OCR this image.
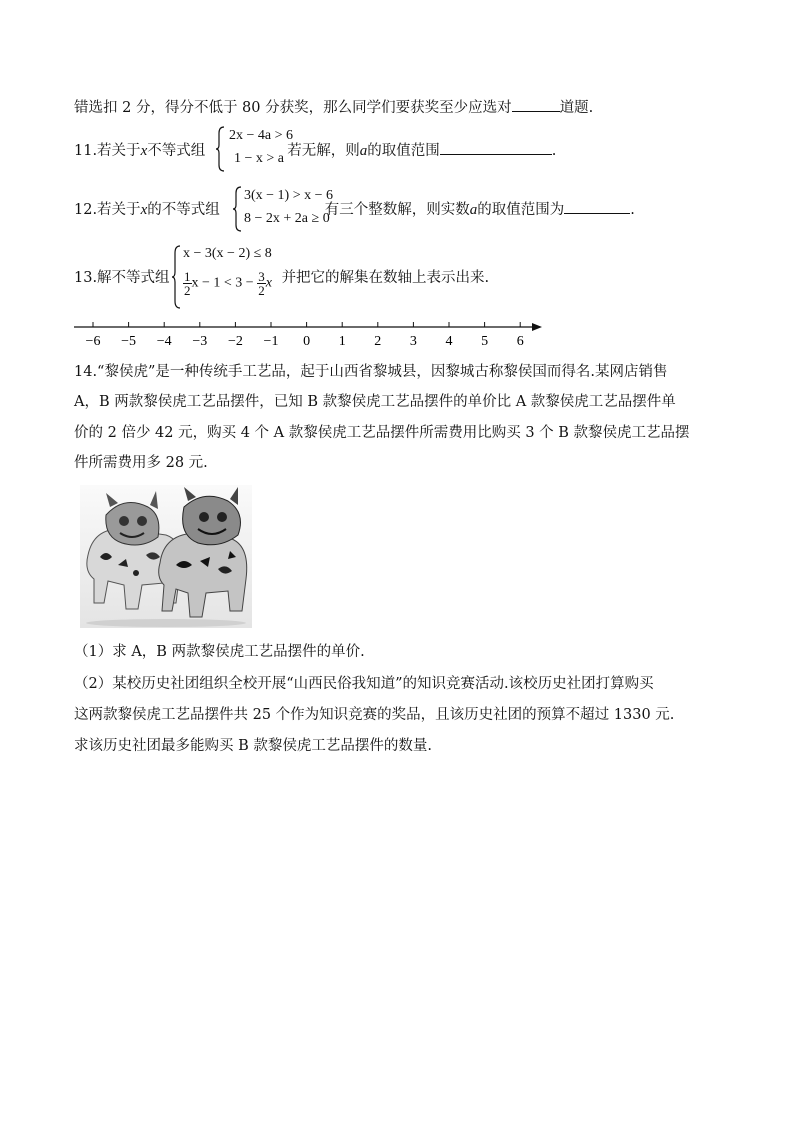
错选扣 2 分，得分不低于 80 分获奖，那么同学们要获奖至少应选对	道题.
11.若关于x不等式组	若无解，则a的取值范围	.
2x − 4a > 6
1 − x > a
12.若关于x的不等式组	有三个整数解，则实数a的取值范围为	.
3(x − 1) > x − 6
8 − 2x + 2a ≥ 0
13.解不等式组	并把它的解集在数轴上表示出来.
x − 3(x − 2) ≤ 8
$\frac{1}{2}$ $x - 1 < 3 - \frac{3}{2}$ x
−6 −5 −4 −3 −2 −1 0 1 2 3 4 5 6
14.“黎侯虎”是一种传统手工艺品，起于山西省黎城县，因黎城古称黎侯国而得名.某网店销售
A，B 两款黎侯虎工艺品摆件，已知 B 款黎侯虎工艺品摆件的单价比 A 款黎侯虎工艺品摆件单
价的 2 倍少 42 元，购买 4 个 A 款黎侯虎工艺品摆件所需费用比购买 3 个 B 款黎侯虎工艺品摆
件所需费用多 28 元.
（1）求 A，B 两款黎侯虎工艺品摆件的单价.
（2）某校历史社团组织全校开展“山西民俗我知道”的知识竞赛活动.该校历史社团打算购买
这两款黎侯虎工艺品摆件共 25 个作为知识竞赛的奖品，且该历史社团的预算不超过 1330 元.
求该历史社团最多能购买 B 款黎侯虎工艺品摆件的数量.
